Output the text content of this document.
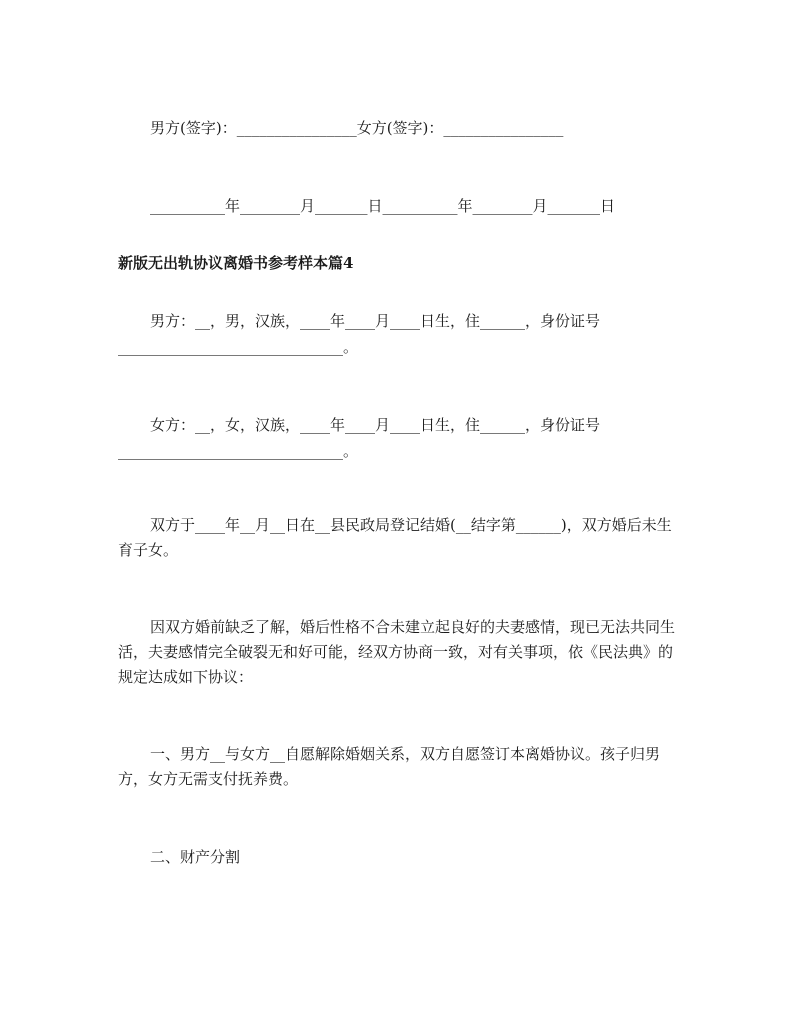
男方(签字)：________________女方(签字)：________________
__________年________月_______日__________年________月_______日
新版无出轨协议离婚书参考样本篇4
男方：__，男，汉族，____年____月____日生，住______，身份证号
______________________________。
女方：__，女，汉族，____年____月____日生，住______，身份证号
______________________________。
双方于____年__月__日在__县民政局登记结婚(__结字第______)，双方婚后未生育子女。
因双方婚前缺乏了解，婚后性格不合未建立起良好的夫妻感情，现已无法共同生活，夫妻感情完全破裂无和好可能，经双方协商一致，对有关事项，依《民法典》的规定达成如下协议：
一、男方__与女方__自愿解除婚姻关系，双方自愿签订本离婚协议。孩子归男方，女方无需支付抚养费。
二、财产分割
